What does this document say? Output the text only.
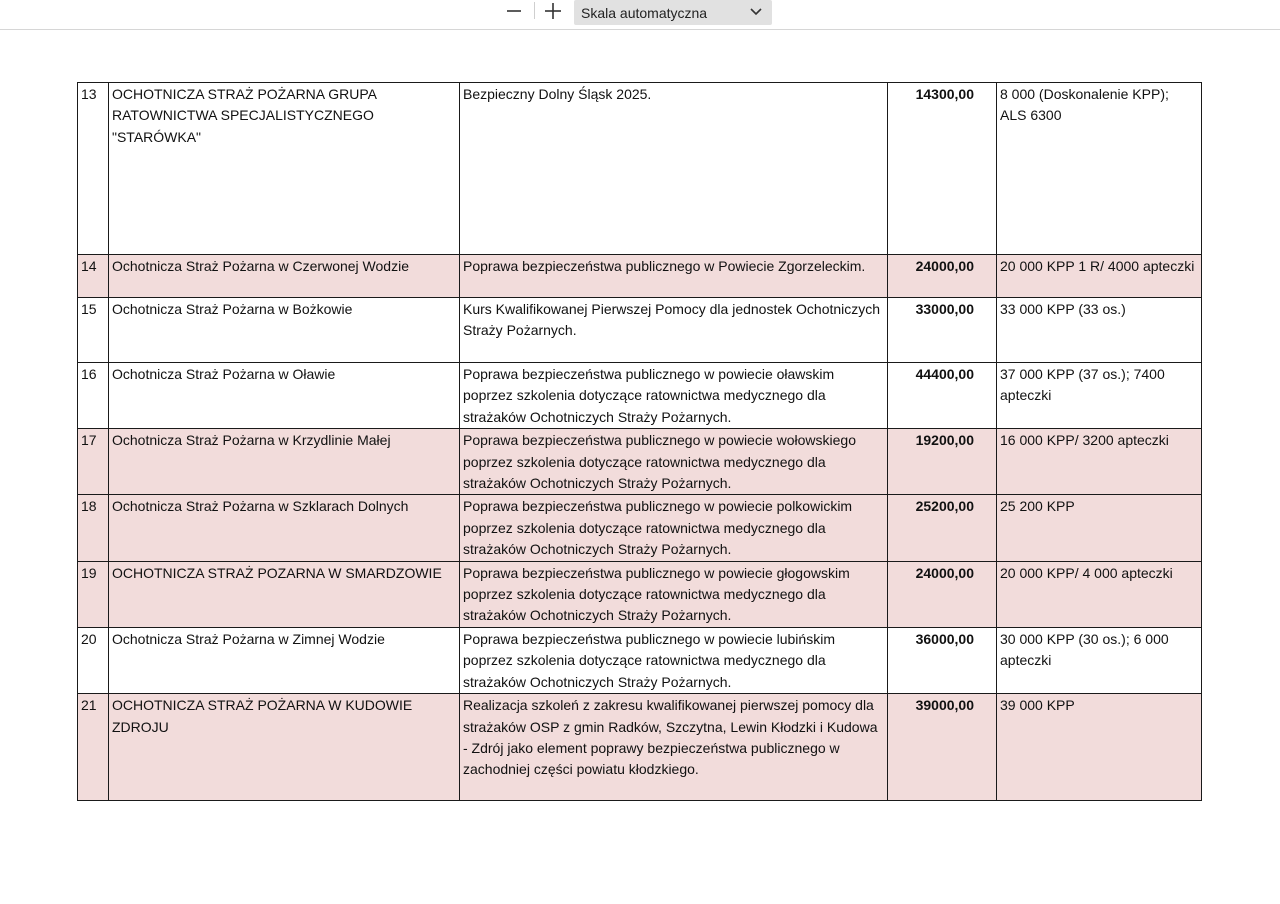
Skala automatyczna
13	OCHOTNICZA STRAŻ POŻARNA GRUPA RATOWNICTWA SPECJALISTYCZNEGO "STARÓWKA"	Bezpieczny Dolny Śląsk 2025.	14300,00	8 000 (Doskonalenie KPP); ALS 6300
14	Ochotnicza Straż Pożarna w Czerwonej Wodzie	Poprawa bezpieczeństwa publicznego w Powiecie Zgorzeleckim.	24000,00	20 000 KPP 1 R/ 4000 apteczki
15	Ochotnicza Straż Pożarna w Bożkowie	Kurs Kwalifikowanej Pierwszej Pomocy dla jednostek Ochotniczych Straży Pożarnych.	33000,00	33 000 KPP (33 os.)
16	Ochotnicza Straż Pożarna w Oławie	Poprawa bezpieczeństwa publicznego w powiecie oławskim poprzez szkolenia dotyczące ratownictwa medycznego dla strażaków Ochotniczych Straży Pożarnych.	44400,00	37 000 KPP (37 os.); 7400 apteczki
17	Ochotnicza Straż Pożarna w Krzydlinie Małej	Poprawa bezpieczeństwa publicznego w powiecie wołowskiego poprzez szkolenia dotyczące ratownictwa medycznego dla strażaków Ochotniczych Straży Pożarnych.	19200,00	16 000 KPP/ 3200 apteczki
18	Ochotnicza Straż Pożarna w Szklarach Dolnych	Poprawa bezpieczeństwa publicznego w powiecie polkowickim poprzez szkolenia dotyczące ratownictwa medycznego dla strażaków Ochotniczych Straży Pożarnych.	25200,00	25 200 KPP
19	OCHOTNICZA STRAŻ POZARNA W SMARDZOWIE	Poprawa bezpieczeństwa publicznego w powiecie głogowskim poprzez szkolenia dotyczące ratownictwa medycznego dla strażaków Ochotniczych Straży Pożarnych.	24000,00	20 000 KPP/ 4 000 apteczki
20	Ochotnicza Straż Pożarna w Zimnej Wodzie	Poprawa bezpieczeństwa publicznego w powiecie lubińskim poprzez szkolenia dotyczące ratownictwa medycznego dla strażaków Ochotniczych Straży Pożarnych.	36000,00	30 000 KPP (30 os.); 6 000 apteczki
21	OCHOTNICZA STRAŻ POŻARNA W KUDOWIE ZDROJU	Realizacja szkoleń z zakresu kwalifikowanej pierwszej pomocy dla strażaków OSP z gmin Radków, Szczytna, Lewin Kłodzki i Kudowa - Zdrój jako element poprawy bezpieczeństwa publicznego w zachodniej części powiatu kłodzkiego.	39000,00	39 000 KPP
